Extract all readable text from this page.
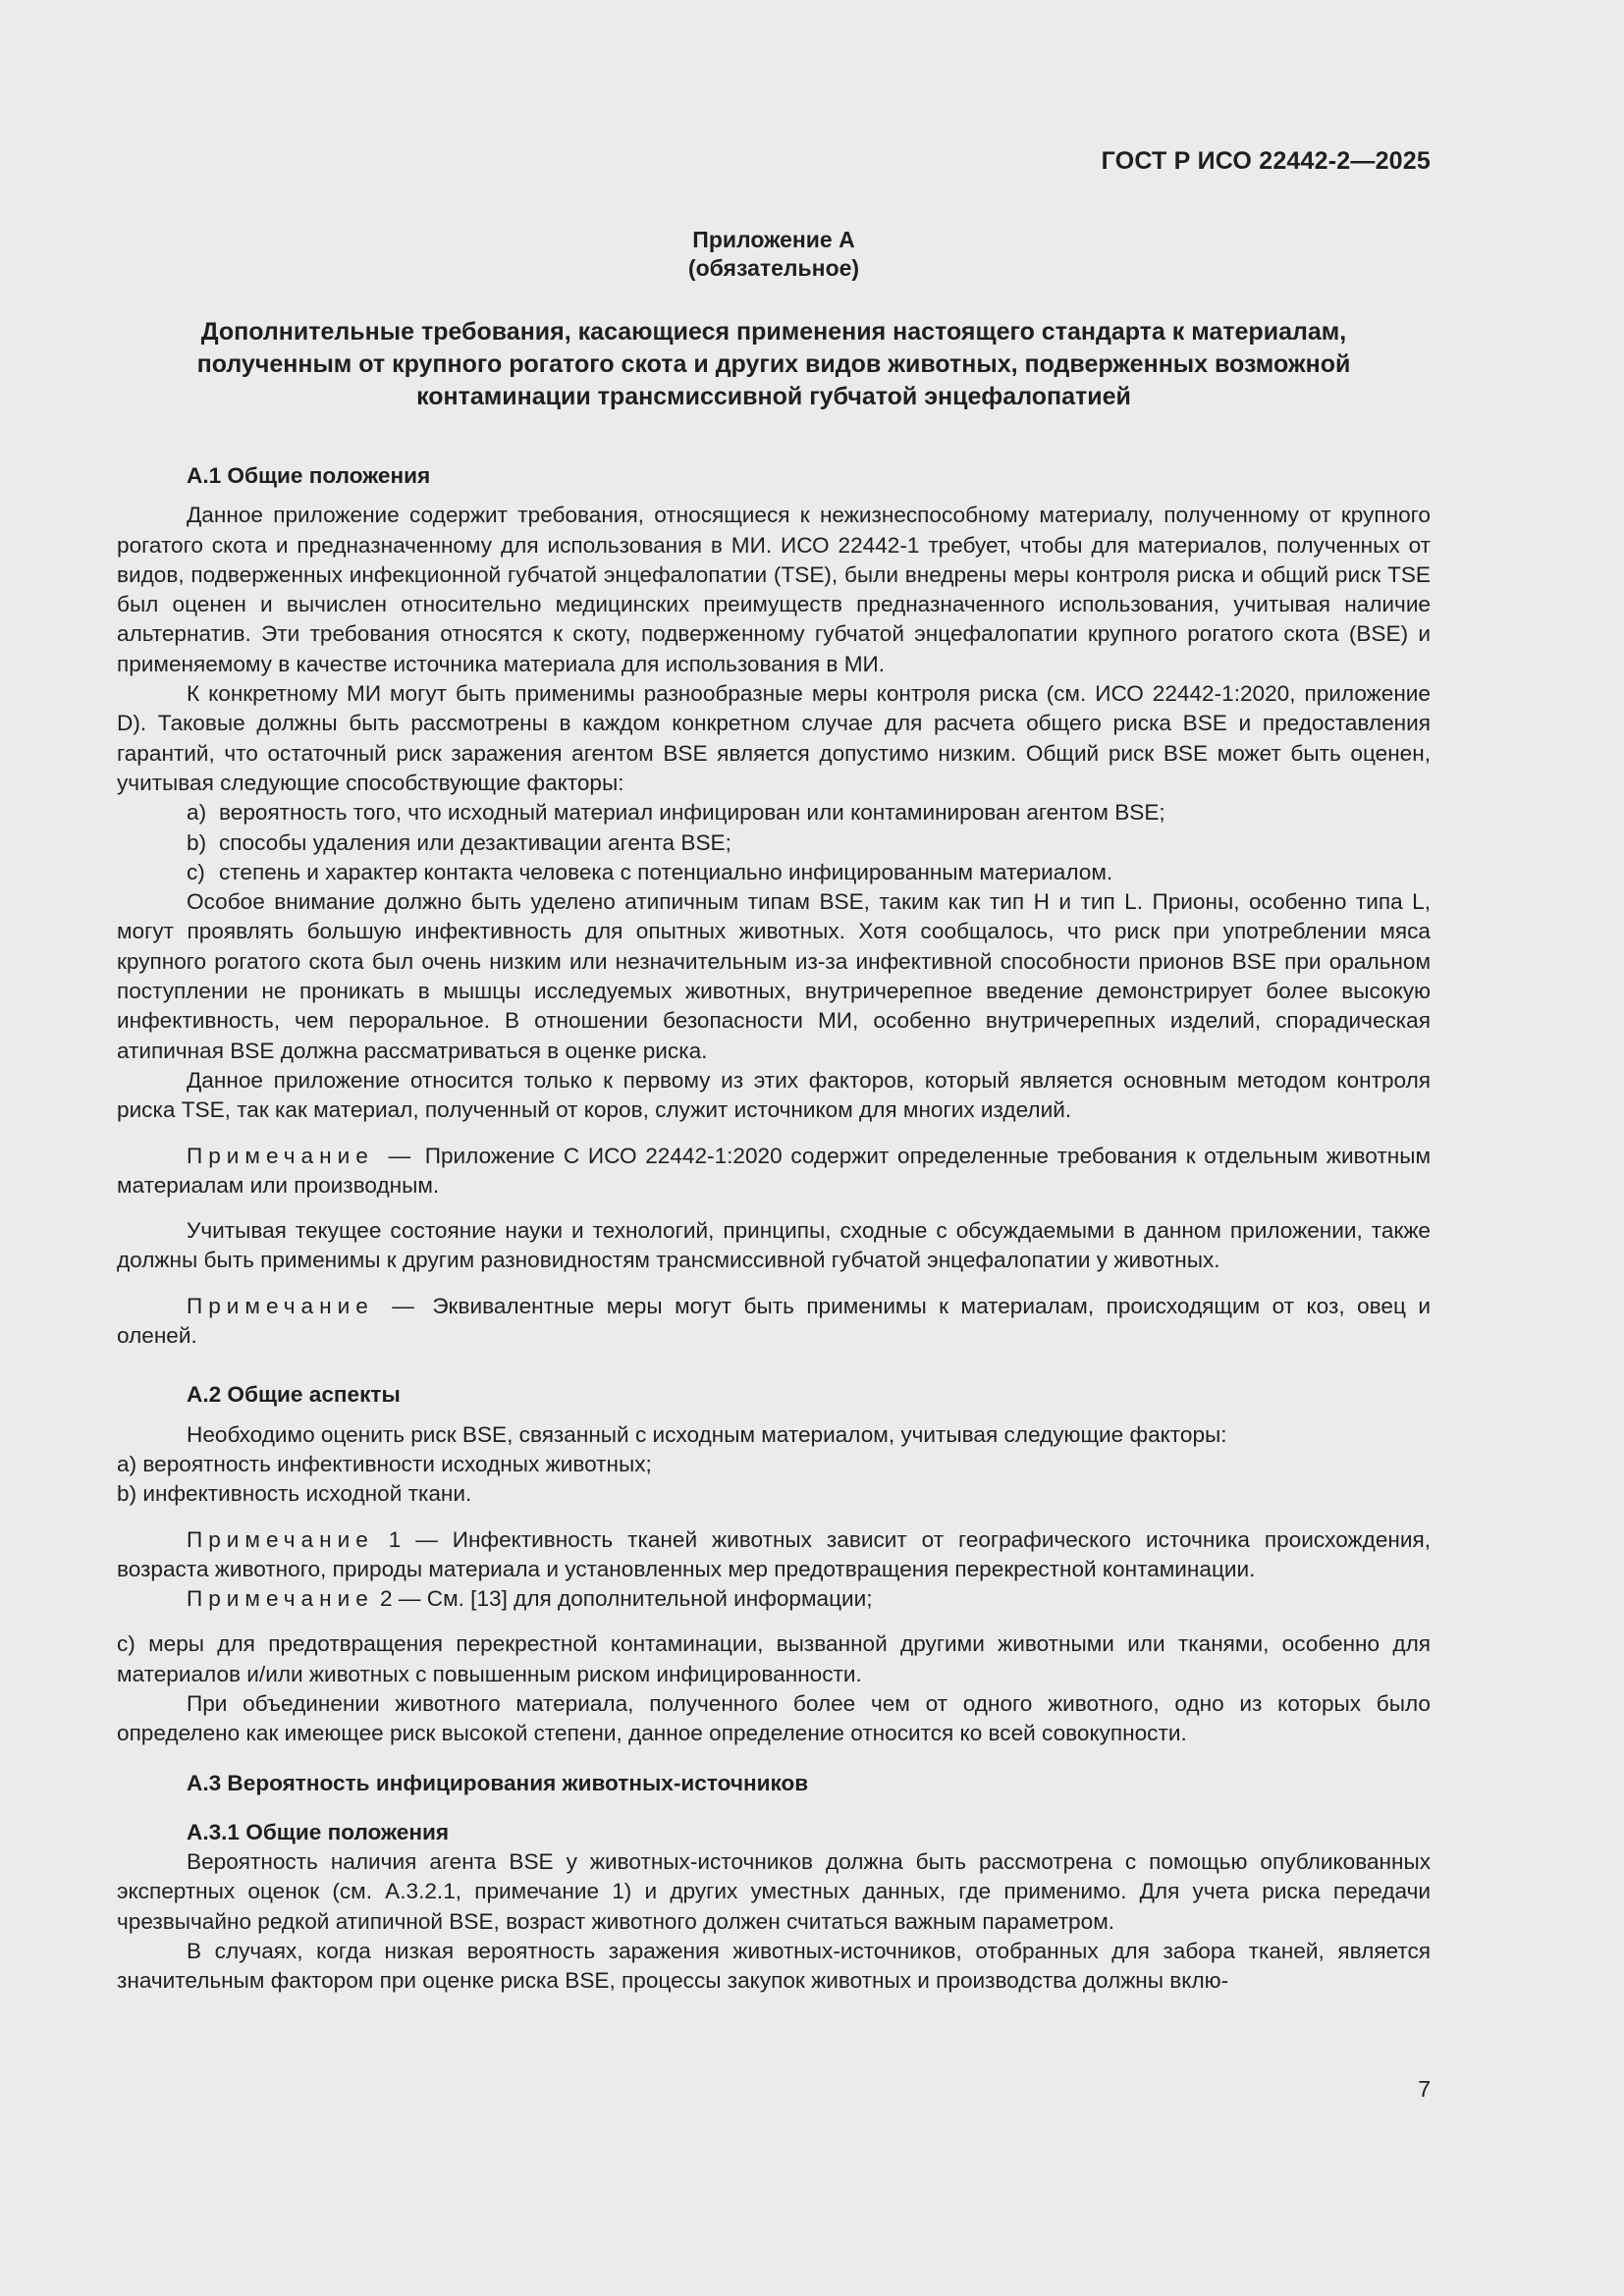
ГОСТ Р ИСО 22442-2—2025
Приложение А
(обязательное)
Дополнительные требования, касающиеся применения настоящего стандарта к материалам,
полученным от крупного рогатого скота и других видов животных, подверженных возможной
контаминации трансмиссивной губчатой энцефалопатией

А.1 Общие положения

Данное приложение содержит требования, относящиеся к нежизнеспособному материалу, полученному от крупного рогатого скота и предназначенному для использования в МИ. ИСО 22442-1 требует, чтобы для материалов, полученных от видов, подверженных инфекционной губчатой энцефалопатии (TSE), были внедрены меры контроля риска и общий риск TSE был оценен и вычислен относительно медицинских преимуществ предназначенного использования, учитывая наличие альтернатив. Эти требования относятся к скоту, подверженному губчатой энцефалопатии крупного рогатого скота (BSE) и применяемому в качестве источника материала для использования в МИ.

К конкретному МИ могут быть применимы разнообразные меры контроля риска (см. ИСО 22442-1:2020, приложение D). Таковые должны быть рассмотрены в каждом конкретном случае для расчета общего риска BSE и предоставления гарантий, что остаточный риск заражения агентом BSE является допустимо низким. Общий риск BSE может быть оценен, учитывая следующие способствующие факторы:

a) вероятность того, что исходный материал инфицирован или контаминирован агентом BSE;

b) способы удаления или дезактивации агента BSE;

c) степень и характер контакта человека с потенциально инфицированным материалом.

Особое внимание должно быть уделено атипичным типам BSE, таким как тип H и тип L. Прионы, особенно типа L, могут проявлять большую инфективность для опытных животных. Хотя сообщалось, что риск при употреблении мяса крупного рогатого скота был очень низким или незначительным из-за инфективной способности прионов BSE при оральном поступлении не проникать в мышцы исследуемых животных, внутричерепное введение демонстрирует более высокую инфективность, чем пероральное. В отношении безопасности МИ, особенно внутричерепных изделий, спорадическая атипичная BSE должна рассматриваться в оценке риска.

Данное приложение относится только к первому из этих факторов, который является основным методом контроля риска TSE, так как материал, полученный от коров, служит источником для многих изделий.

Примечание — Приложение С ИСО 22442-1:2020 содержит определенные требования к отдельным животным материалам или производным.

Учитывая текущее состояние науки и технологий, принципы, сходные с обсуждаемыми в данном приложении, также должны быть применимы к другим разновидностям трансмиссивной губчатой энцефалопатии у животных.

Примечание — Эквивалентные меры могут быть применимы к материалам, происходящим от коз, овец и оленей.

А.2 Общие аспекты

Необходимо оценить риск BSE, связанный с исходным материалом, учитывая следующие факторы:

a) вероятность инфективности исходных животных;

b) инфективность исходной ткани.

Примечание 1 — Инфективность тканей животных зависит от географического источника происхождения, возраста животного, природы материала и установленных мер предотвращения перекрестной контаминации.

Примечание 2 — См. [13] для дополнительной информации;

с) меры для предотвращения перекрестной контаминации, вызванной другими животными или тканями, особенно для материалов и/или животных с повышенным риском инфицированности.

При объединении животного материала, полученного более чем от одного животного, одно из которых было определено как имеющее риск высокой степени, данное определение относится ко всей совокупности.

А.3 Вероятность инфицирования животных-источников

А.3.1 Общие положения

Вероятность наличия агента BSE у животных-источников должна быть рассмотрена с помощью опубликованных экспертных оценок (см. А.3.2.1, примечание 1) и других уместных данных, где применимо. Для учета риска передачи чрезвычайно редкой атипичной BSE, возраст животного должен считаться важным параметром.

В случаях, когда низкая вероятность заражения животных-источников, отобранных для забора тканей, является значительным фактором при оценке риска BSE, процессы закупок животных и производства должны вклю-

7
